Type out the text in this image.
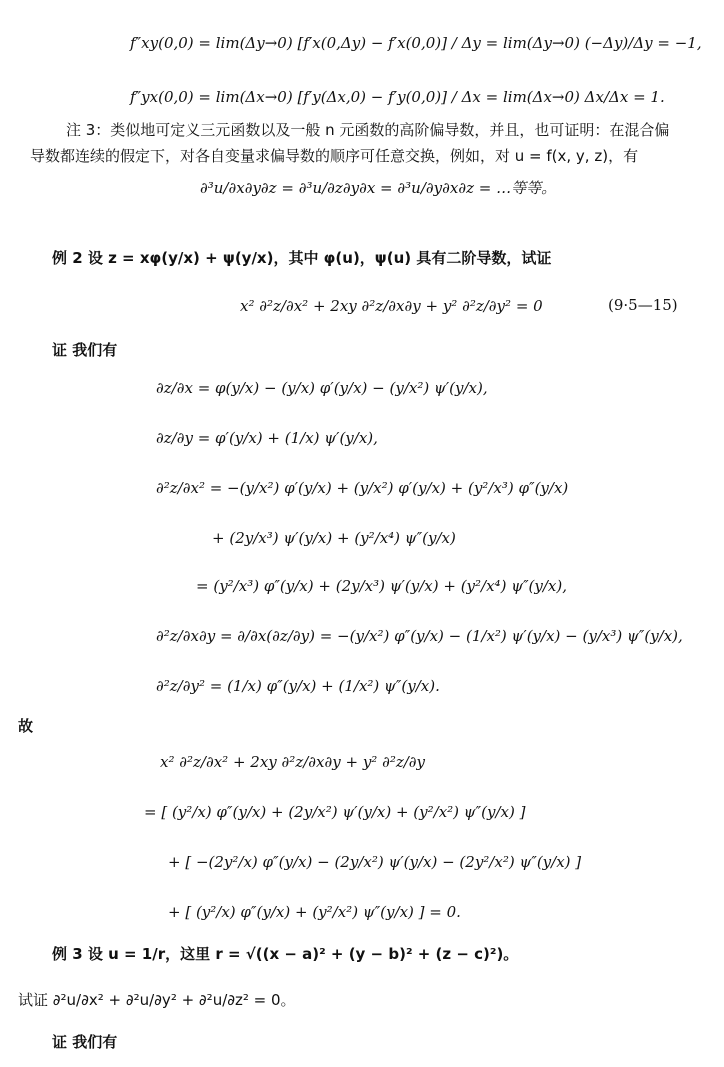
f″xy(0,0) = lim(Δy→0) [f′x(0,Δy) − f′x(0,0)] / Δy = lim(Δy→0) (−Δy)/Δy = −1,
f″yx(0,0) = lim(Δx→0) [f′y(Δx,0) − f′y(0,0)] / Δx = lim(Δx→0) Δx/Δx = 1.
注 3：类似地可定义三元函数以及一般 n 元函数的高阶偏导数，并且，也可证明：在混合偏
导数都连续的假定下，对各自变量求偏导数的顺序可任意交换，例如，对 u = f(x, y, z)，有
∂³u/∂x∂y∂z = ∂³u/∂z∂y∂x = ∂³u/∂y∂x∂z = …等等。
例 2 设 z = xφ(y/x) + ψ(y/x)，其中 φ(u)，ψ(u) 具有二阶导数，试证
x² ∂²z/∂x² + 2xy ∂²z/∂x∂y + y² ∂²z/∂y² = 0	(9·5—15)
证 我们有
∂z/∂x = φ(y/x) − (y/x) φ′(y/x) − (y/x²) ψ′(y/x),
∂z/∂y = φ′(y/x) + (1/x) ψ′(y/x),
∂²z/∂x² = −(y/x²) φ′(y/x) + (y/x²) φ′(y/x) + (y²/x³) φ″(y/x)
+ (2y/x³) ψ′(y/x) + (y²/x⁴) ψ″(y/x)
= (y²/x³) φ″(y/x) + (2y/x³) ψ′(y/x) + (y²/x⁴) ψ″(y/x),
∂²z/∂x∂y = ∂/∂x(∂z/∂y) = −(y/x²) φ″(y/x) − (1/x²) ψ′(y/x) − (y/x³) ψ″(y/x),
∂²z/∂y² = (1/x) φ″(y/x) + (1/x²) ψ″(y/x).
故
x² ∂²z/∂x² + 2xy ∂²z/∂x∂y + y² ∂²z/∂y
= [ (y²/x) φ″(y/x) + (2y/x²) ψ′(y/x) + (y²/x²) ψ″(y/x) ]
+ [ −(2y²/x) φ″(y/x) − (2y/x²) ψ′(y/x) − (2y²/x²) ψ″(y/x) ]
+ [ (y²/x) φ″(y/x) + (y²/x²) ψ″(y/x) ] = 0.
例 3 设 u = 1/r，这里 r = √((x − a)² + (y − b)² + (z − c)²)。
试证 ∂²u/∂x² + ∂²u/∂y² + ∂²u/∂z² = 0。
证 我们有
